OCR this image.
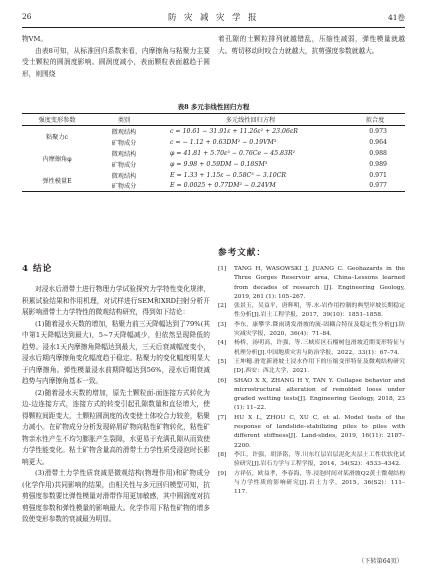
26	防 灾 减 灾 学 报	41卷

物VM。

由表8可知，从标准回归系数来看，内摩擦角与粘聚力主要受土颗粒的圆润度影响。圆润度减小，表面颗粒表面越趋于圆形，则围绕

着孔隙的土颗粒排列就越错乱，压缩性减弱，弹性模量就越大。剪切移动时咬合力就越大，抗剪强度参数就越大。

表8 多元非线性回归方程
强度变形参数	类别	多元线性回归方程	拟合度
粘聚力c	微观结构	c = 10.61 − 31.91ε + 11.26ε² + 23.06εR	0.973
	矿物成分	c = − 1.12 + 0.63DM² − 0.19VM³	0.964
内摩擦角φ	微观结构	φ = 41.81 + 5.70ε³ − 0.76Ce − 45.83R²	0.988
	矿物成分	φ = 9.98 + 0.59DM − 0.18SM³	0.989
弹性模量E	微观结构	E = 1.33 + 1.15ε − 0.58C³ − 3.10CR	0.971
	矿物成分	E = 0.0025 + 0.77DM² − 0.24VM	0.977
4 结论

对浸水后滑带土进行物理力学试验探究力学特性变化规律，积累试验结果和作用机理，对试样进行SEM和XRD扫射分析开展影响滑带土力学特性的微观结构研究，得到如下结论：

(1)随着浸水天数的增加，粘聚力前三天降幅达到了79%(其中第1天降幅达到最大)，5~7天降幅减少，但依然呈现降低的趋势。浸水1天内摩擦角降幅达到最大，三天后衰减幅度变小，浸水后期内摩擦角变化幅度趋于稳定。粘聚力的变化幅度明显大于内摩擦角。弹性模量浸水前期降幅达到56%，浸水后期衰减趋势与内摩擦角基本一致。

(2)随着浸水天数的增加，原先土颗粒面-面连接方式转化为边-边连接方式，连接方式的转变引起孔隙数量和直径增大，使得颗粒间距变大，土颗粒圆润度的改变使土体咬合力较差，粘聚力减小。在矿物成分分析发现碎屑矿物向粘性矿物转化，粘性矿物亲水性产生不均匀膨胀产生裂隙，水更易于充满孔隙从而致使力学性能变化。粘土矿物含量高的滑带土力学性质受浸泡时长影响更大。

(3)滑带土力学性质衰减是微观结构(物理作用)和矿物成分(化学作用)共同影响的结果，由相关性与多元回归模型可知，抗剪强度参数要比弹性模量对滑带作用更加敏感，其中圆润度对抗剪强度参数和弹性模量的影响最大。化学作用下粘性矿物的增多致使变形参数的衰减最为明显。

参考文献：
[1]	TANG H, WASOWSKI J, JUANG C. Geohazards in the Three Gorges Reservoir area, China–Lessons learned from decades of research [J]. Engineering Geology, 2019, 261 (1): 105–267.
[2]	张景玉，吴益平，唐辉明，等.水-岩作用控制的典型岸坡长期稳定性分析[J].岩土工程学报，2017，39(10)：1851–1858.
[3]	李东，康攀学.降雨诱发滑坡的流-固耦合特征及稳定性分析[J].防灾减灾学报，2020，36(4)：71–84.
[4]	杨桥，汤明高，许强，等.三峡库区石榴树包滑坡近期变形特征与机理分析[J].中国地质灾害与防治学报，2022，33(1)：67–74.
[5]	王坤穗.滑宽新滑坡土浸水作用下的压缩变形特征及微观结构研究[D].西安：西北大学，2021.
[6]	SHAO X X, ZHANG H Y, TAN Y. Collapse behavior and microstructural alteration of remolded loess under graded wetting tests[J]. Engineering Geology, 2018, 23 (1): 11–22.
[7]	HU X L, ZHOU C, XU C, et al. Model tests of the response of landslide–stabilizing piles to piles with different stiffness[J]. Land-slides, 2019, 16(11): 2187–2200.
[8]	李江，许强，胡泽铭，等.川东红层岩层泥化夹层土工性状软化试验研究[J].岩石力学与工程学报，2014，34(S2)：4533–4342.
[9]	方祥伍，欧益孝，李春海，等.浸泡时间对某滑坡Q2黄土微观结构与力学性质的影响研究[J].岩土力学，2015，36(S2)：111–117.
（下转第64页）
